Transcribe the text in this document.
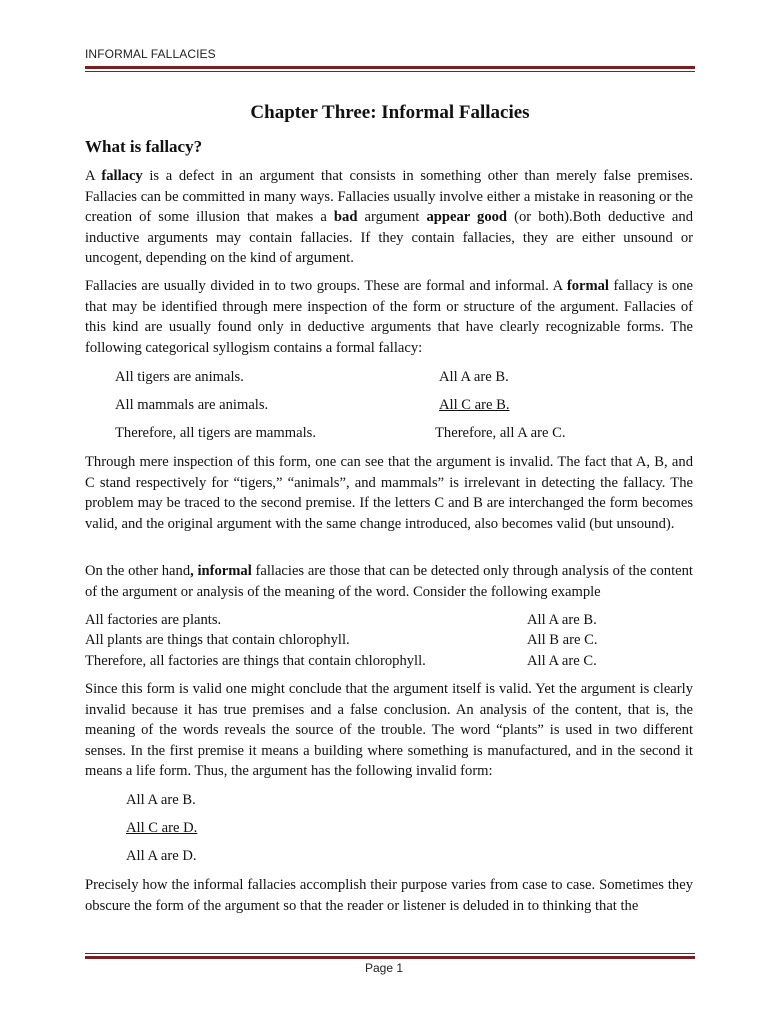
INFORMAL FALLACIES
Chapter Three: Informal Fallacies
What is fallacy?

A fallacy is a defect in an argument that consists in something other than merely false premises. Fallacies can be committed in many ways. Fallacies usually involve either a mistake in reasoning or the creation of some illusion that makes a bad argument appear good (or both).Both deductive and inductive arguments may contain fallacies. If they contain fallacies, they are either unsound or uncogent, depending on the kind of argument.

Fallacies are usually divided in to two groups. These are formal and informal. A formal fallacy is one that may be identified through mere inspection of the form or structure of the argument. Fallacies of this kind are usually found only in deductive arguments that have clearly recognizable forms. The following categorical syllogism contains a formal fallacy:

All tigers are animals.
All mammals are animals.
Therefore, all tigers are mammals.
All A are B.
All C are B.
Therefore, all A are C.

Through mere inspection of this form, one can see that the argument is invalid. The fact that A, B, and C stand respectively for “tigers,” “animals”, and mammals” is irrelevant in detecting the fallacy. The problem may be traced to the second premise. If the letters C and B are interchanged the form becomes valid, and the original argument with the same change introduced, also becomes valid (but unsound).

On the other hand, informal fallacies are those that can be detected only through analysis of the content of the argument or analysis of the meaning of the word. Consider the following example

All factories are plants.
All plants are things that contain chlorophyll.
Therefore, all factories are things that contain chlorophyll.
All A are B.
All B are C.
All A are C.

Since this form is valid one might conclude that the argument itself is valid. Yet the argument is clearly invalid because it has true premises and a false conclusion. An analysis of the content, that is, the meaning of the words reveals the source of the trouble. The word “plants” is used in two different senses. In the first premise it means a building where something is manufactured, and in the second it means a life form. Thus, the argument has the following invalid form:

All A are B.
All C are D.
All A are D.

Precisely how the informal fallacies accomplish their purpose varies from case to case. Sometimes they obscure the form of the argument so that the reader or listener is deluded in to thinking that the

Page 1
